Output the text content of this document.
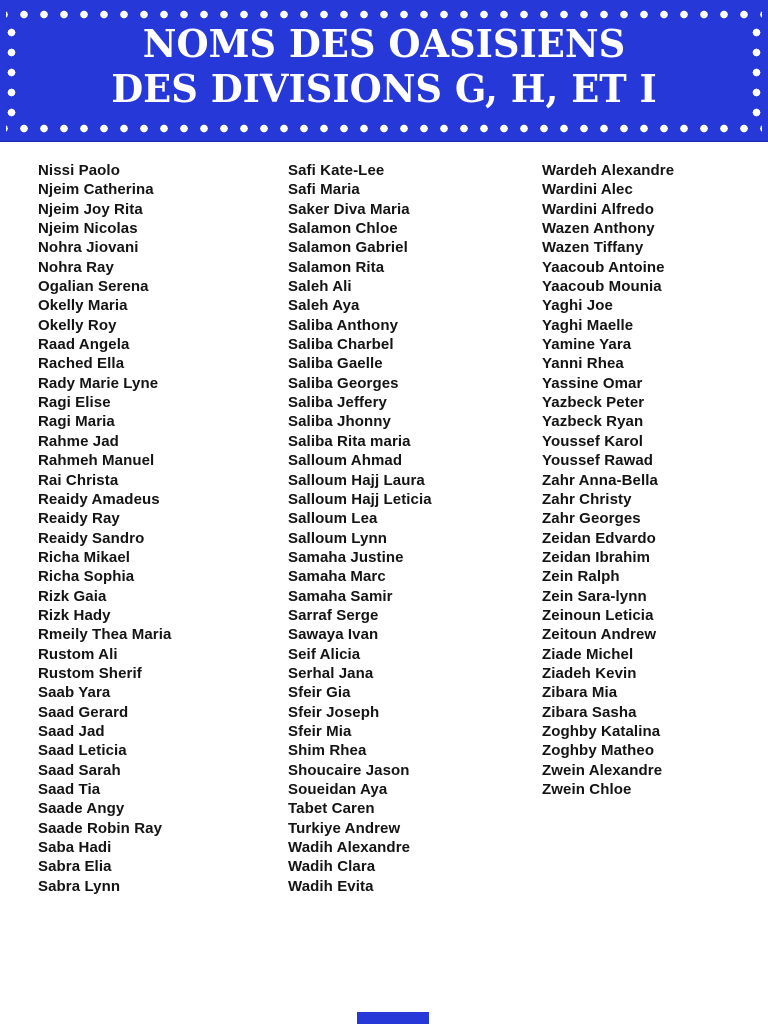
NOMS DES OASISIENS
DES DIVISIONS G, H, ET I
Nissi Paolo
Njeim Catherina
Njeim Joy Rita
Njeim Nicolas
Nohra Jiovani
Nohra Ray
Ogalian Serena
Okelly Maria
Okelly Roy
Raad Angela
Rached Ella
Rady Marie Lyne
Ragi Elise
Ragi Maria
Rahme Jad
Rahmeh Manuel
Rai Christa
Reaidy Amadeus
Reaidy Ray
Reaidy Sandro
Richa Mikael
Richa Sophia
Rizk Gaia
Rizk Hady
Rmeily Thea Maria
Rustom Ali
Rustom Sherif
Saab Yara
Saad Gerard
Saad Jad
Saad Leticia
Saad Sarah
Saad Tia
Saade Angy
Saade Robin Ray
Saba Hadi
Sabra Elia
Sabra Lynn
Safi Kate-Lee
Safi Maria
Saker Diva Maria
Salamon Chloe
Salamon Gabriel
Salamon Rita
Saleh Ali
Saleh Aya
Saliba Anthony
Saliba Charbel
Saliba Gaelle
Saliba Georges
Saliba Jeffery
Saliba Jhonny
Saliba Rita maria
Salloum Ahmad
Salloum Hajj Laura
Salloum Hajj Leticia
Salloum Lea
Salloum Lynn
Samaha Justine
Samaha Marc
Samaha Samir
Sarraf Serge
Sawaya Ivan
Seif Alicia
Serhal Jana
Sfeir Gia
Sfeir Joseph
Sfeir Mia
Shim Rhea
Shoucaire Jason
Soueidan Aya
Tabet Caren
Turkiye Andrew
Wadih Alexandre
Wadih Clara
Wadih Evita
Wardeh Alexandre
Wardini Alec
Wardini Alfredo
Wazen Anthony
Wazen Tiffany
Yaacoub Antoine
Yaacoub Mounia
Yaghi Joe
Yaghi Maelle
Yamine Yara
Yanni Rhea
Yassine Omar
Yazbeck Peter
Yazbeck Ryan
Youssef Karol
Youssef Rawad
Zahr Anna-Bella
Zahr Christy
Zahr Georges
Zeidan Edvardo
Zeidan Ibrahim
Zein Ralph
Zein Sara-lynn
Zeinoun Leticia
Zeitoun Andrew
Ziade Michel
Ziadeh Kevin
Zibara Mia
Zibara Sasha
Zoghby Katalina
Zoghby Matheo
Zwein Alexandre
Zwein Chloe
